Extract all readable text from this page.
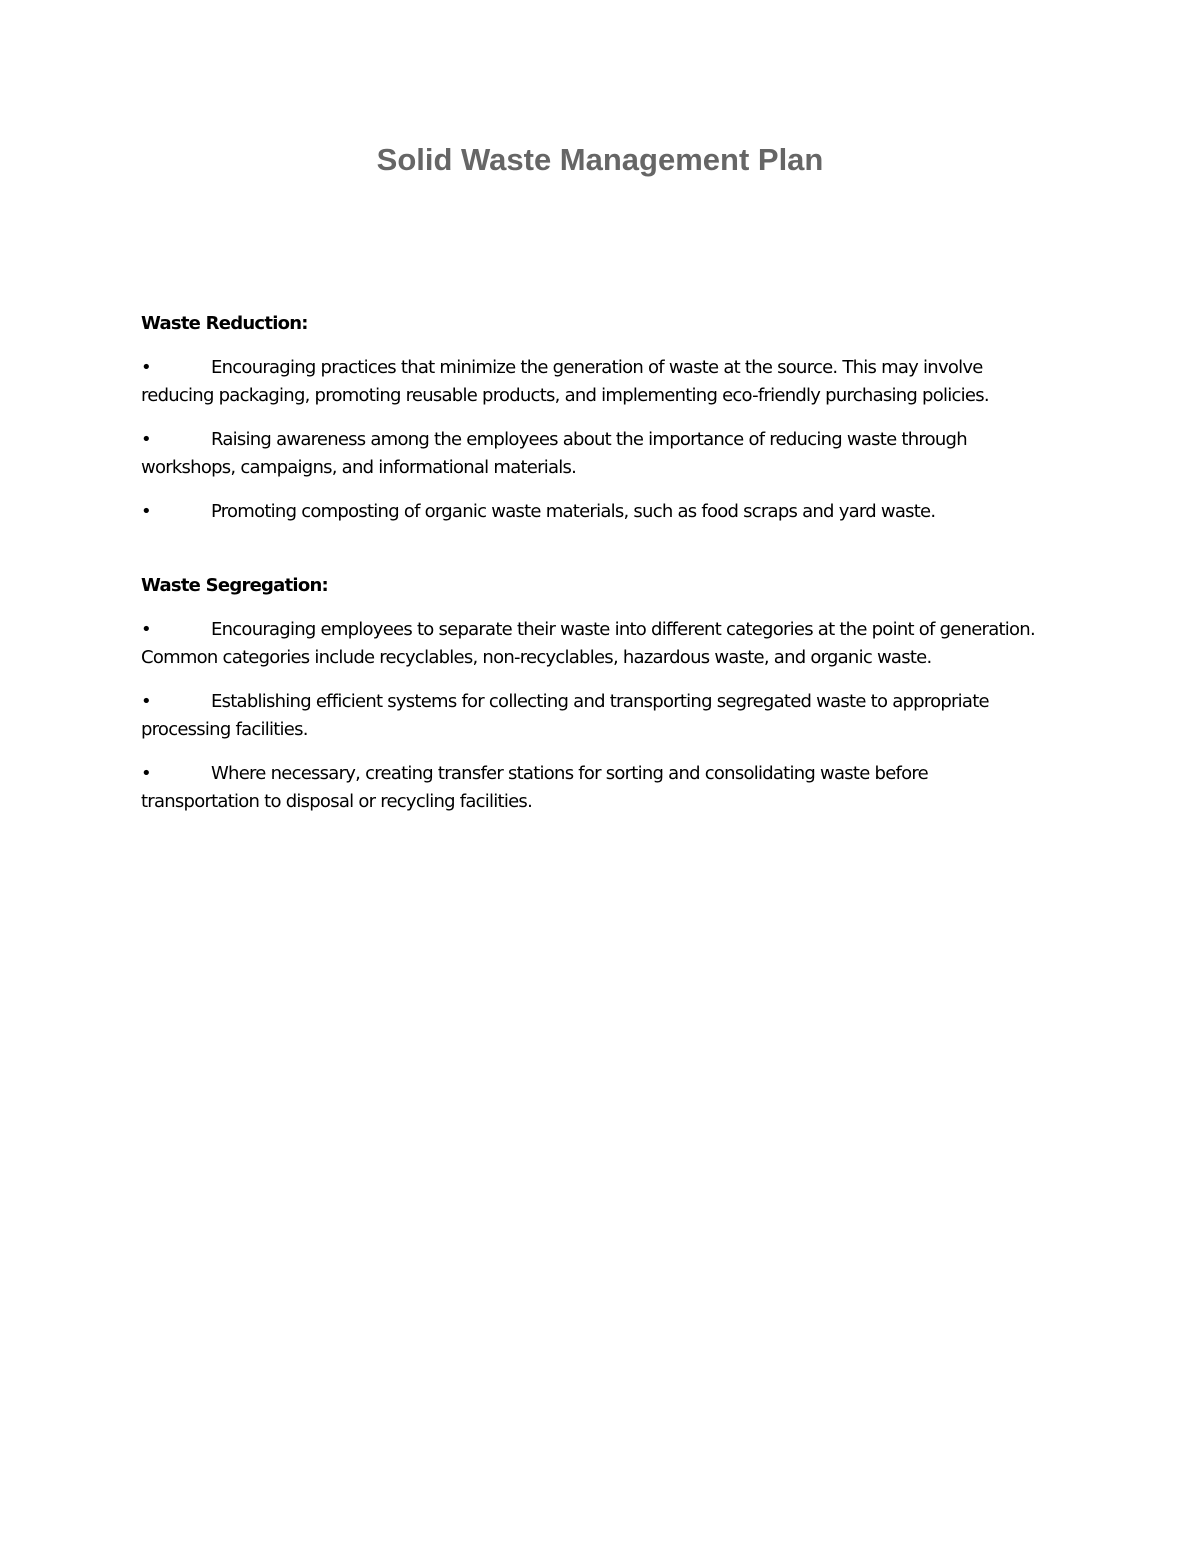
Solid Waste Management Plan

Waste Reduction:

•	Encouraging practices that minimize the generation of waste at the source. This may involve reducing packaging, promoting reusable products, and implementing eco-friendly purchasing policies.
•	Raising awareness among the employees about the importance of reducing waste through workshops, campaigns, and informational materials.
•	Promoting composting of organic waste materials, such as food scraps and yard waste.

Waste Segregation:

•	Encouraging employees to separate their waste into different categories at the point of generation. Common categories include recyclables, non-recyclables, hazardous waste, and organic waste.
•	Establishing efficient systems for collecting and transporting segregated waste to appropriate processing facilities.
•	Where necessary, creating transfer stations for sorting and consolidating waste before transportation to disposal or recycling facilities.
